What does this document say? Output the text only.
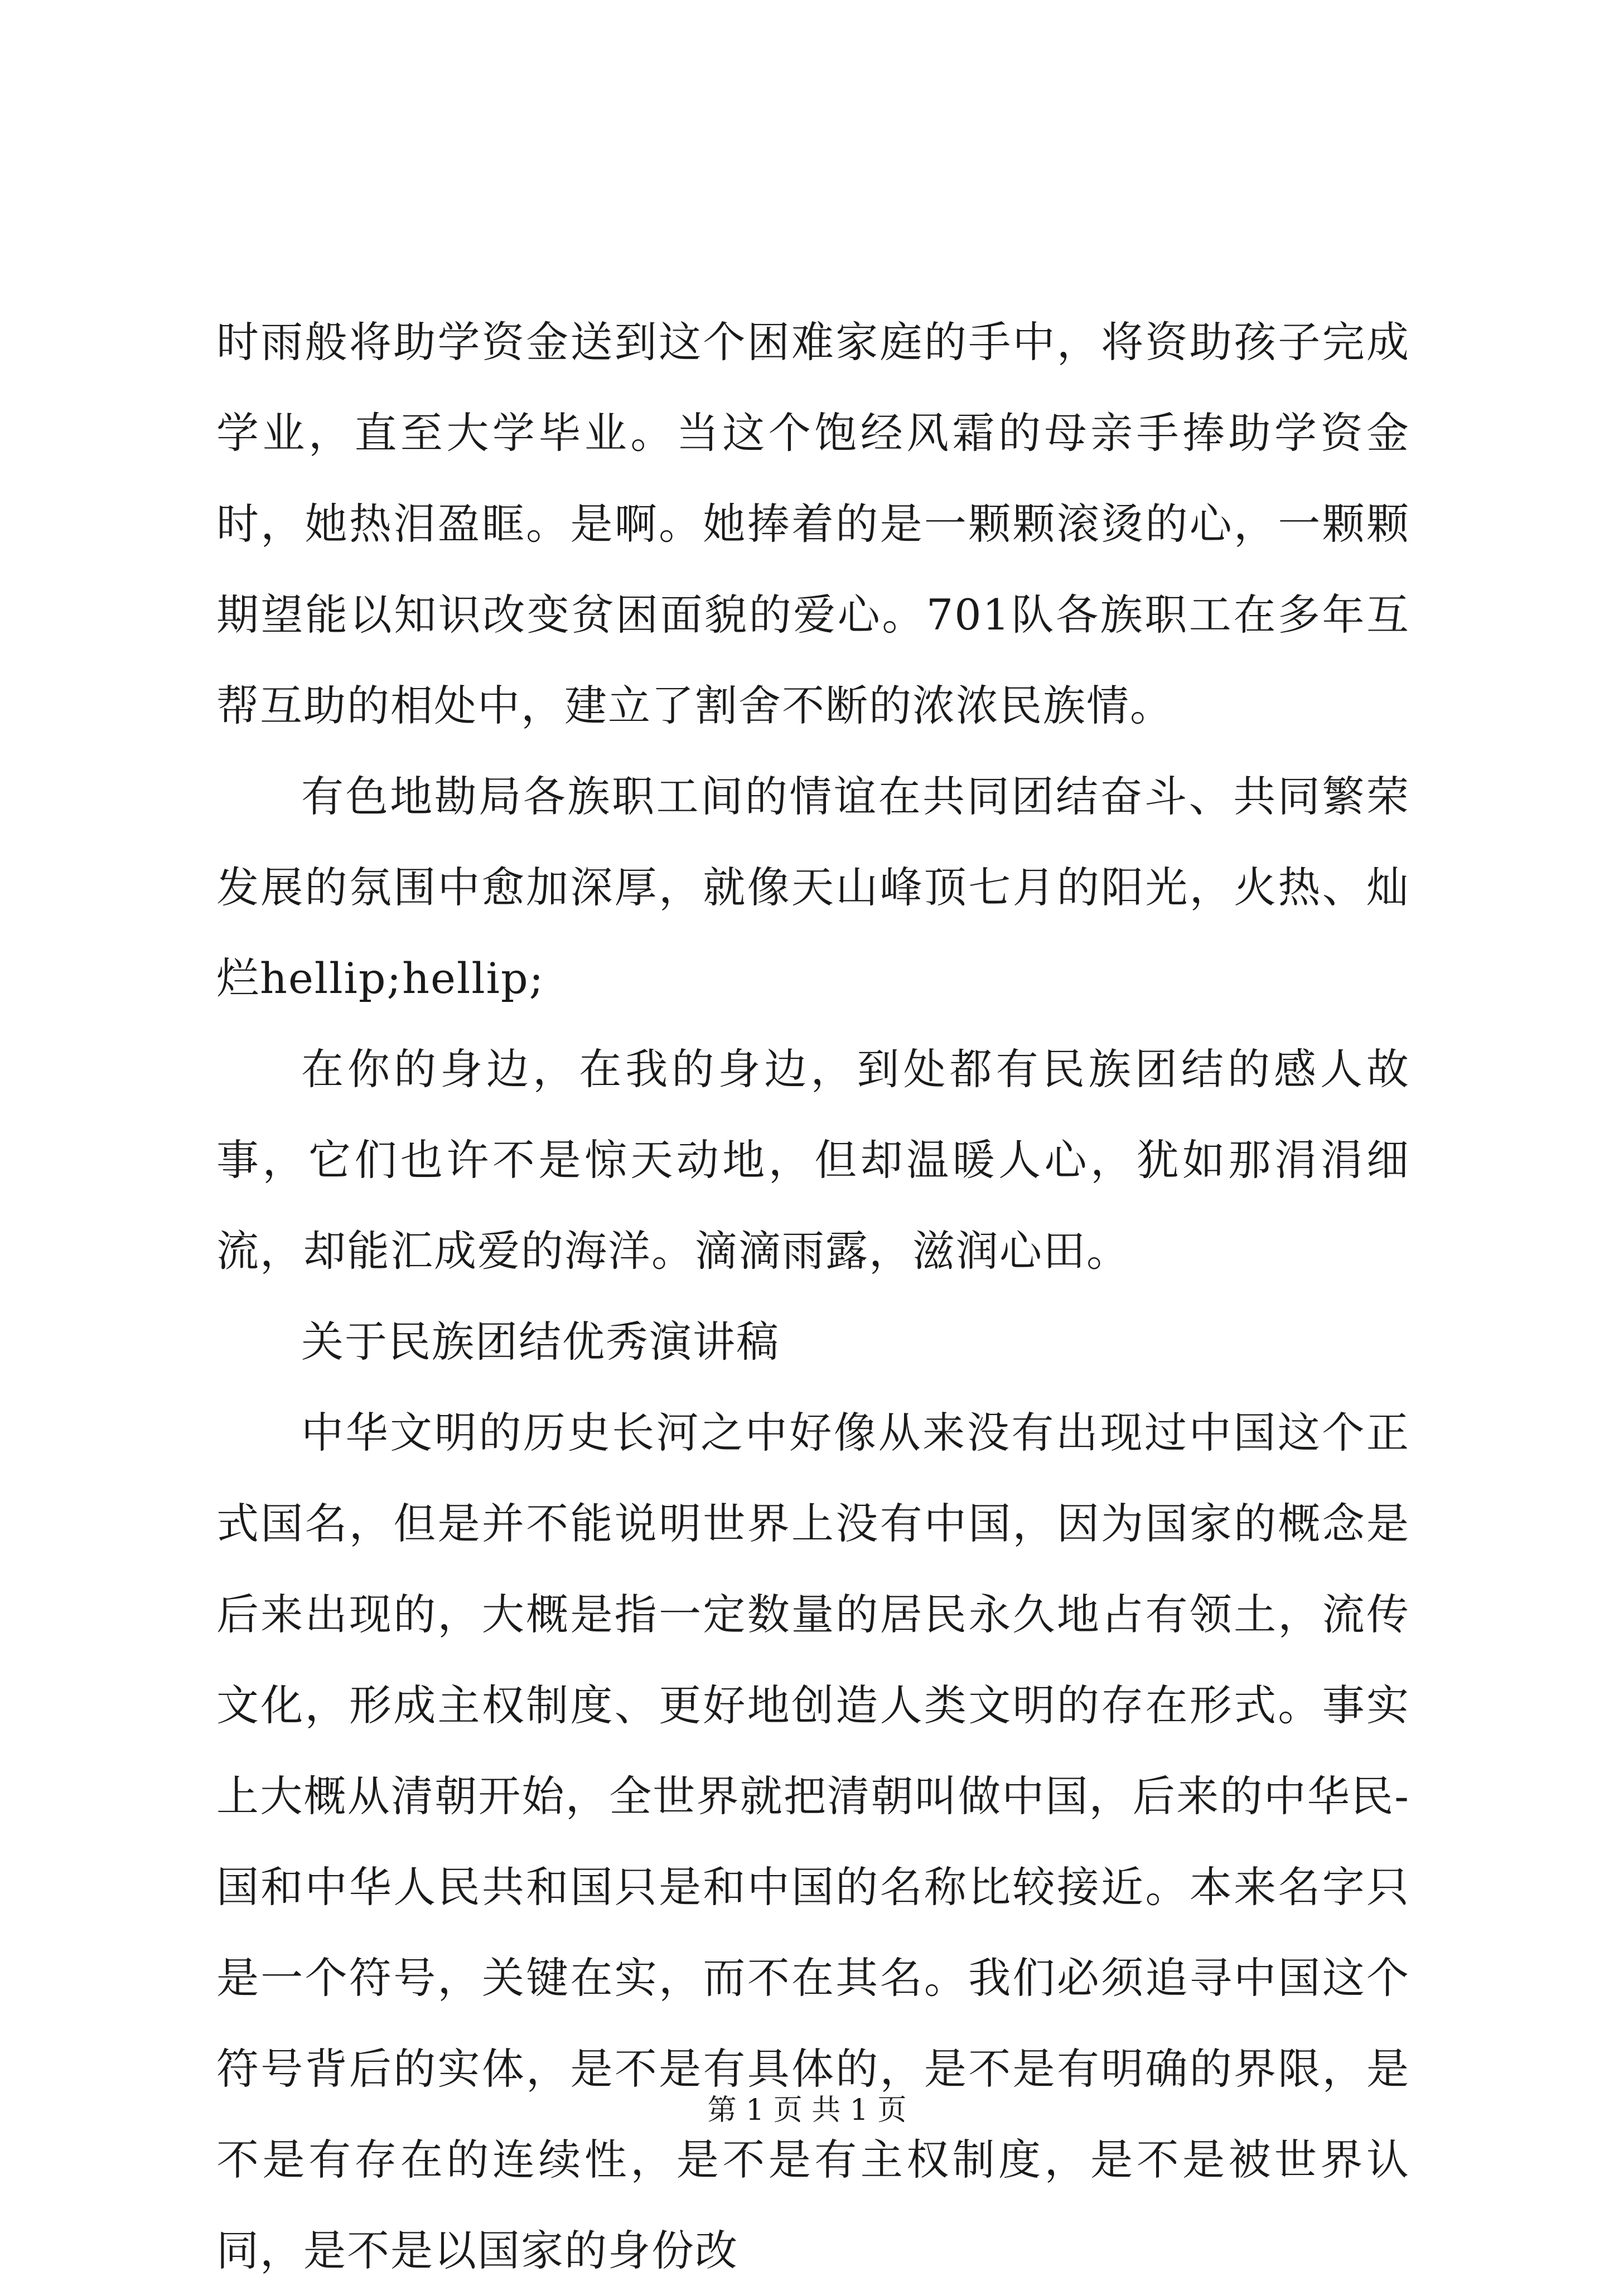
时雨般将助学资金送到这个困难家庭的手中，将资助孩子完成学业，直至大学毕业。当这个饱经风霜的母亲手捧助学资金时，她热泪盈眶。是啊。她捧着的是一颗颗滚烫的心，一颗颗期望能以知识改变贫困面貌的爱心。701队各族职工在多年互帮互助的相处中，建立了割舍不断的浓浓民族情。

有色地勘局各族职工间的情谊在共同团结奋斗、共同繁荣发展的氛围中愈加深厚，就像天山峰顶七月的阳光，火热、灿烂hellip;hellip;

在你的身边，在我的身边，到处都有民族团结的感人故事，它们也许不是惊天动地，但却温暖人心，犹如那涓涓细流，却能汇成爱的海洋。滴滴雨露，滋润心田。

关于民族团结优秀演讲稿

中华文明的历史长河之中好像从来没有出现过中国这个正式国名，但是并不能说明世界上没有中国，因为国家的概念是后来出现的，大概是指一定数量的居民永久地占有领土，流传文化，形成主权制度、更好地创造人类文明的存在形式。事实上大概从清朝开始，全世界就把清朝叫做中国，后来的中华民-国和中华人民共和国只是和中国的名称比较接近。本来名字只是一个符号，关键在实，而不在其名。我们必须追寻中国这个符号背后的实体，是不是有具体的，是不是有明确的界限，是不是有存在的连续性，是不是有主权制度，是不是被世界认同，是不是以国家的身份改

第 1 页 共 1 页
